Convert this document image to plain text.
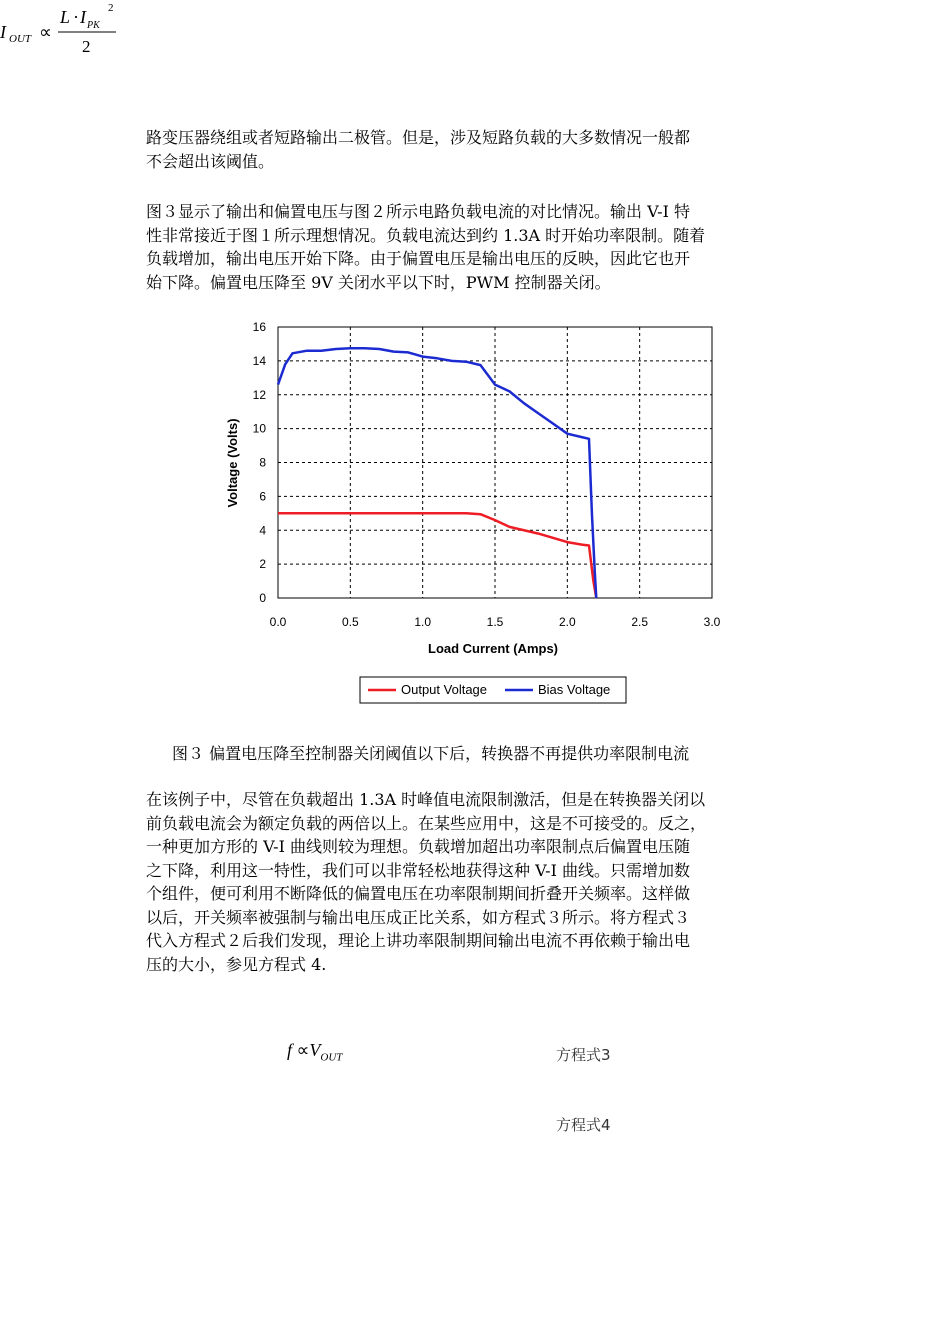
路变压器绕组或者短路输出二极管。但是，涉及短路负载的大多数情况一般都
不会超出该阈值。
图３显示了输出和偏置电压与图２所示电路负载电流的对比情况。输出 V-I 特
性非常接近于图１所示理想情况。负载电流达到约 1.3A 时开始功率限制。随着
负载增加，输出电压开始下降。由于偏置电压是输出电压的反映，因此它也开
始下降。偏置电压降至 9V 关闭水平以下时，PWM 控制器关闭。
0
2
4
6
8
10
12
14
16
0.0	0.5	1.0	1.5	2.0	2.5	3.0
Voltage (Volts)
Load Current (Amps)
Output Voltage	Bias Voltage
图３ 偏置电压降至控制器关闭阈值以下后，转换器不再提供功率限制电流
在该例子中，尽管在负载超出 1.3A 时峰值电流限制激活，但是在转换器关闭以
前负载电流会为额定负载的两倍以上。在某些应用中，这是不可接受的。反之，
一种更加方形的 V-I 曲线则较为理想。负载增加超出功率限制点后偏置电压随
之下降，利用这一特性，我们可以非常轻松地获得这种 V-I 曲线。只需增加数
个组件，便可利用不断降低的偏置电压在功率限制期间折叠开关频率。这样做
以后，开关频率被强制与输出电压成正比关系，如方程式３所示。将方程式３
代入方程式２后我们发现，理论上讲功率限制期间输出电流不再依赖于输出电
压的大小，参见方程式 4.
$f \propto V_{OUT}$	方程式3
I OUT ∝
L · I PK
2
2
方程式4
